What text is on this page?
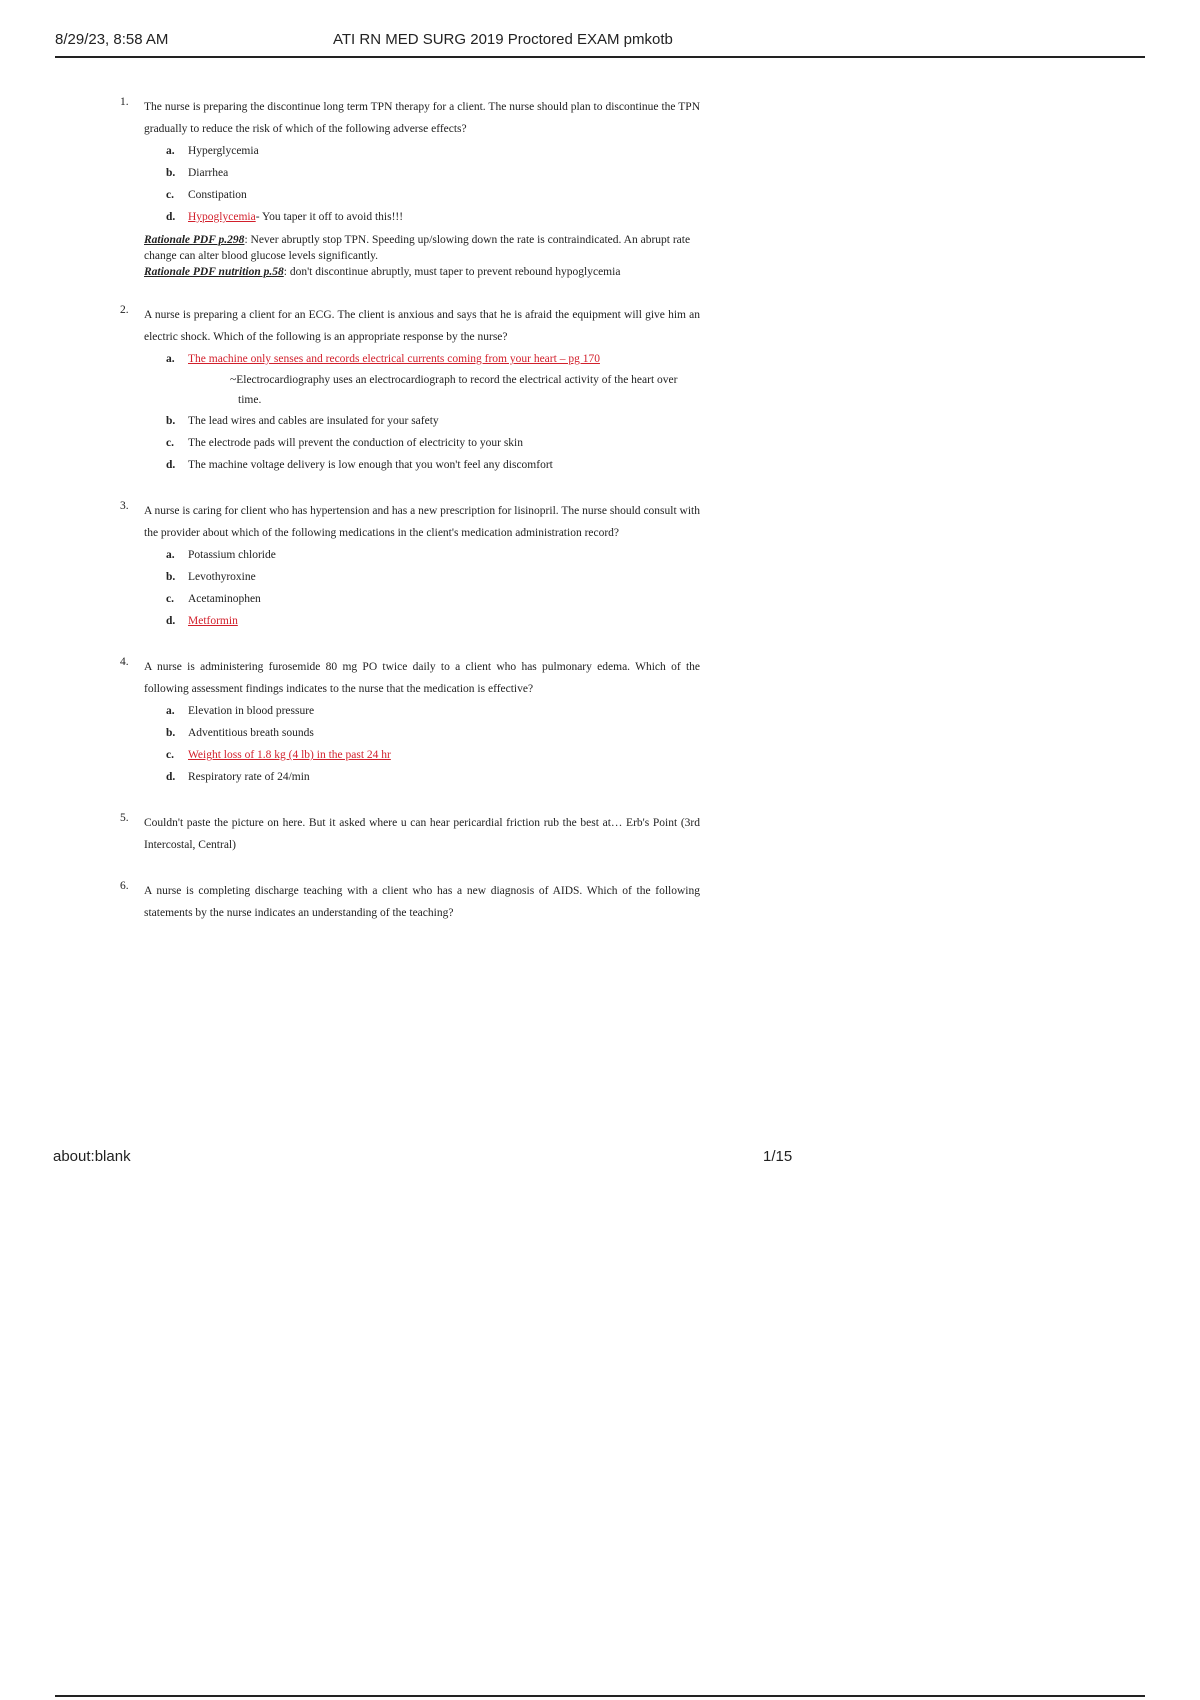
8/29/23, 8:58 AM	ATI RN MED SURG 2019 Proctored EXAM pmkotb
1. The nurse is preparing the discontinue long term TPN therapy for a client. The nurse should plan to discontinue the TPN gradually to reduce the risk of which of the following adverse effects?
a. Hyperglycemia
b. Diarrhea
c. Constipation
d. Hypoglycemia- You taper it off to avoid this!!!
Rationale PDF p.298: Never abruptly stop TPN. Speeding up/slowing down the rate is contraindicated. An abrupt rate change can alter blood glucose levels significantly.
Rationale PDF nutrition p.58: don't discontinue abruptly, must taper to prevent rebound hypoglycemia
2. A nurse is preparing a client for an ECG. The client is anxious and says that he is afraid the equipment will give him an electric shock. Which of the following is an appropriate response by the nurse?
a. The machine only senses and records electrical currents coming from your heart – pg 170
~Electrocardiography uses an electrocardiograph to record the electrical activity of the heart over time.
b. The lead wires and cables are insulated for your safety
c. The electrode pads will prevent the conduction of electricity to your skin
d. The machine voltage delivery is low enough that you won't feel any discomfort
3. A nurse is caring for client who has hypertension and has a new prescription for lisinopril. The nurse should consult with the provider about which of the following medications in the client's medication administration record?
a. Potassium chloride
b. Levothyroxine
c. Acetaminophen
d. Metformin
4. A nurse is administering furosemide 80 mg PO twice daily to a client who has pulmonary edema. Which of the following assessment findings indicates to the nurse that the medication is effective?
a. Elevation in blood pressure
b. Adventitious breath sounds
c. Weight loss of 1.8 kg (4 lb) in the past 24 hr
d. Respiratory rate of 24/min
5. Couldn't paste the picture on here. But it asked where u can hear pericardial friction rub the best at… Erb's Point (3rd Intercostal, Central)
6. A nurse is completing discharge teaching with a client who has a new diagnosis of AIDS. Which of the following statements by the nurse indicates an understanding of the teaching?
about:blank	1/15
